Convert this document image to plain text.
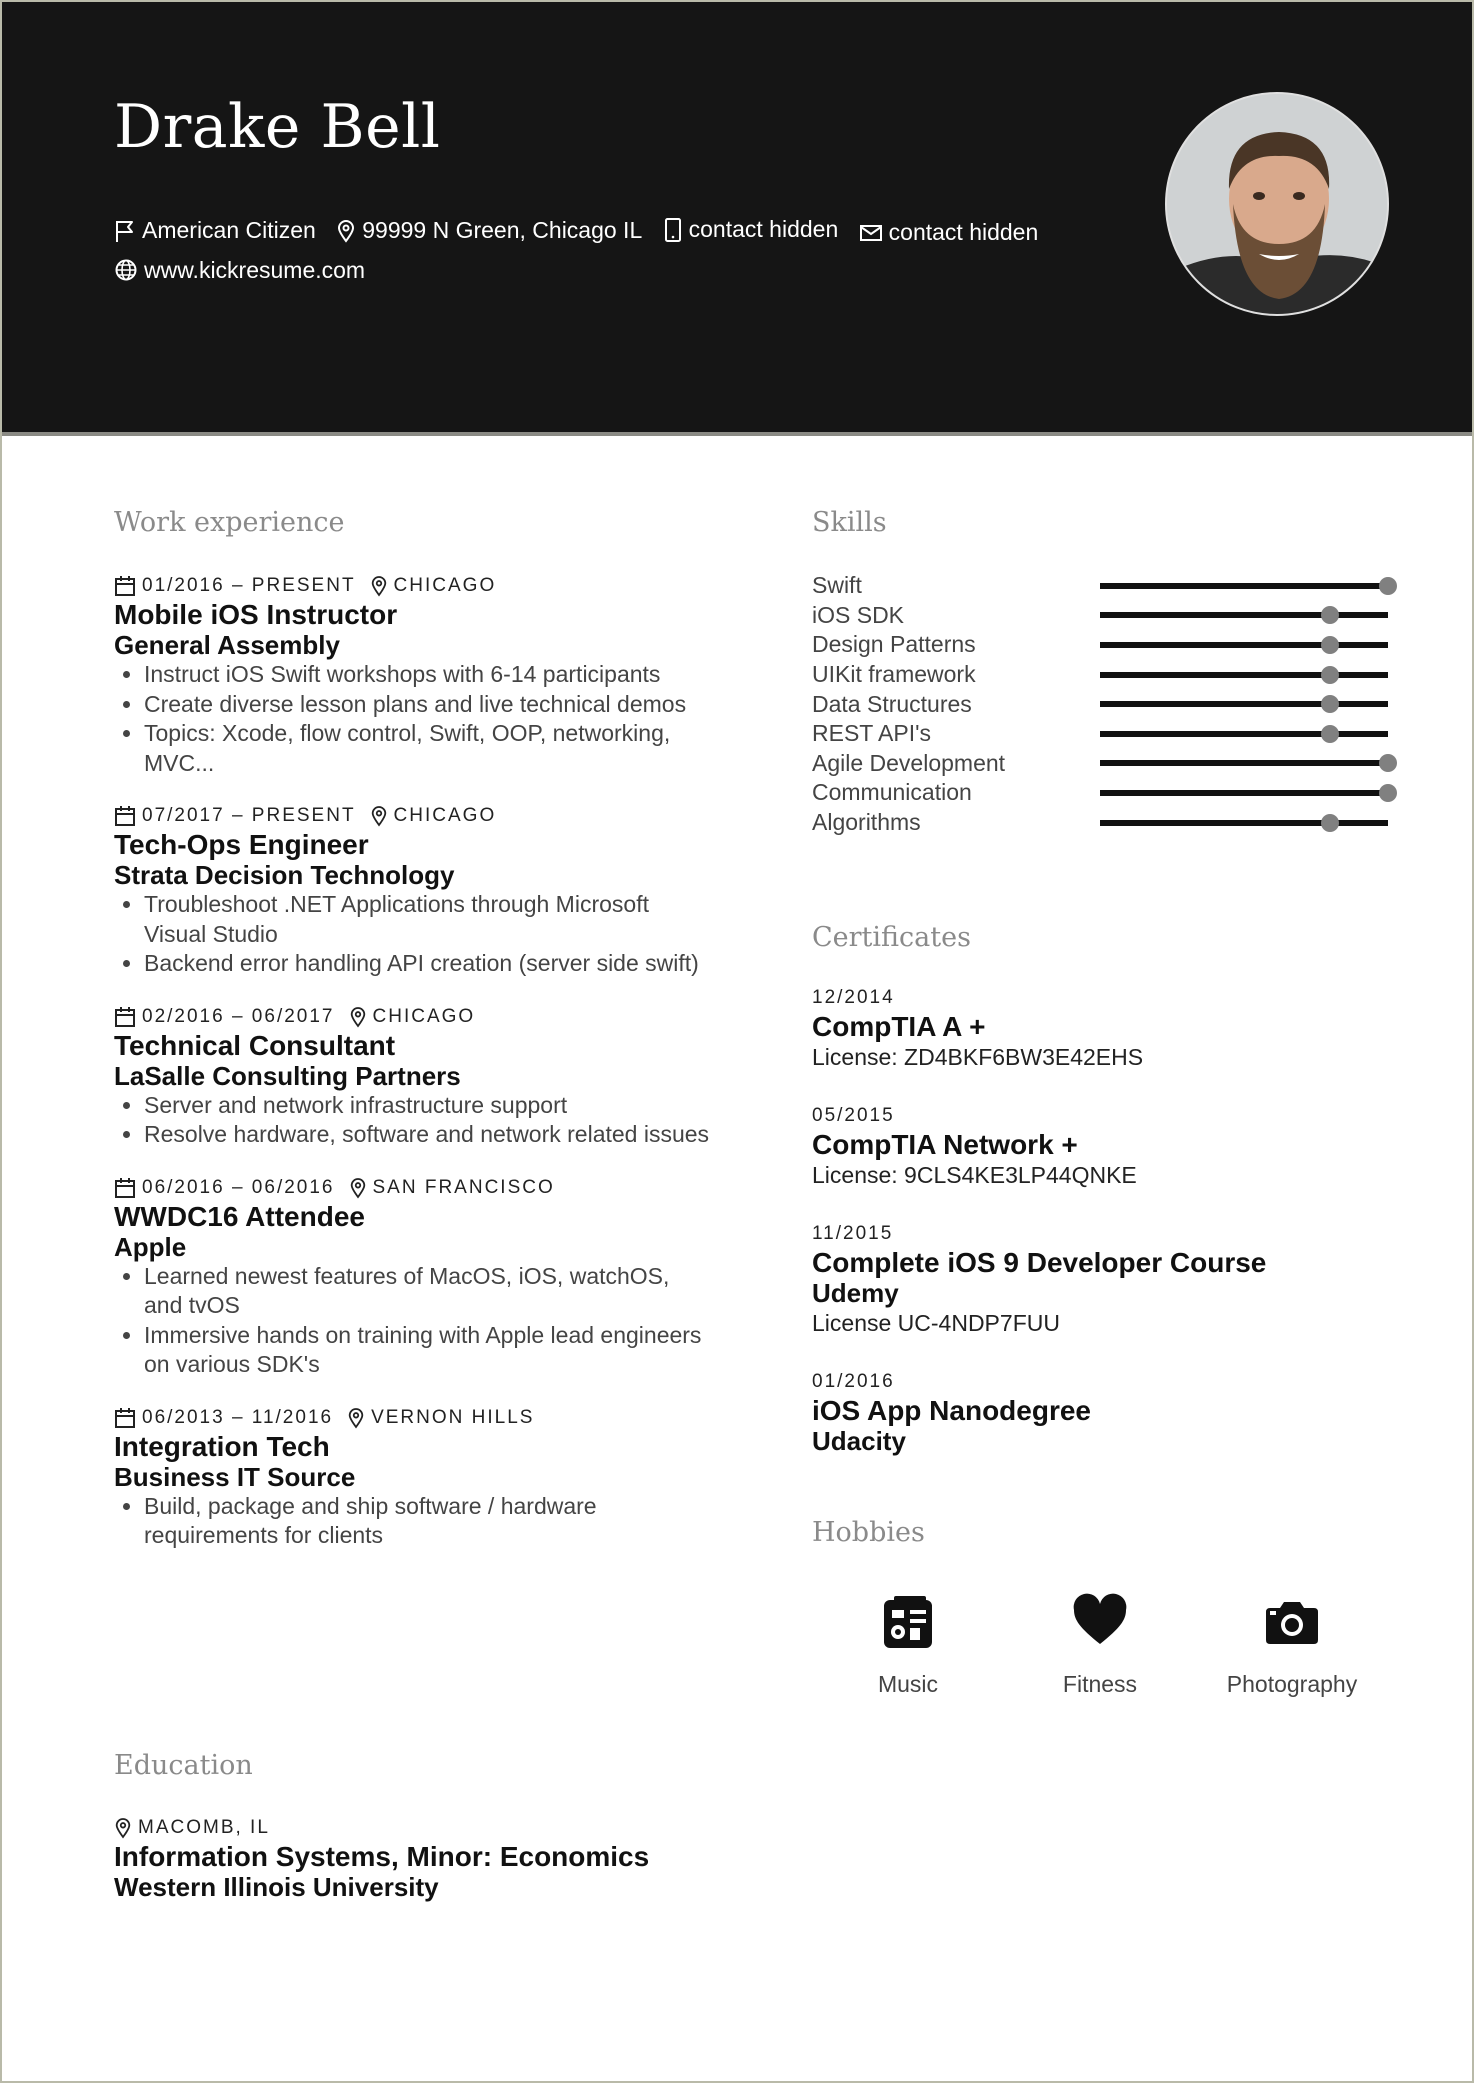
Drake Bell
American Citizen
99999 N Green, Chicago IL
contact hidden
contact hidden

www.kickresume.com
Work experience
01/2016 – PRESENT CHICAGO
Mobile iOS Instructor
General Assembly
• Instruct iOS Swift workshops with 6-14 participants
• Create diverse lesson plans and live technical demos
• Topics: Xcode, flow control, Swift, OOP, networking, MVC...
07/2017 – PRESENT CHICAGO
Tech-Ops Engineer
Strata Decision Technology
• Troubleshoot .NET Applications through Microsoft Visual Studio
• Backend error handling API creation (server side swift)
02/2016 – 06/2017 CHICAGO
Technical Consultant
LaSalle Consulting Partners
• Server and network infrastructure support
• Resolve hardware, software and network related issues
06/2016 – 06/2016 SAN FRANCISCO
WWDC16 Attendee
Apple
• Learned newest features of MacOS, iOS, watchOS, and tvOS
• Immersive hands on training with Apple lead engineers on various SDK's
06/2013 – 11/2016 VERNON HILLS
Integration Tech
Business IT Source
• Build, package and ship software / hardware requirements for clients
Education
MACOMB, IL
Information Systems, Minor: Economics
Western Illinois University
Skills
Swift
iOS SDK
Design Patterns
UIKit framework
Data Structures
REST API's
Agile Development
Communication
Algorithms
Certificates
12/2014
CompTIA A +
License: ZD4BKF6BW3E42EHS
05/2015
CompTIA Network +
License: 9CLS4KE3LP44QNKE
11/2015
Complete iOS 9 Developer Course
Udemy
License UC-4NDP7FUU
01/2016
iOS App Nanodegree
Udacity
Hobbies
Music	Fitness	Photography
